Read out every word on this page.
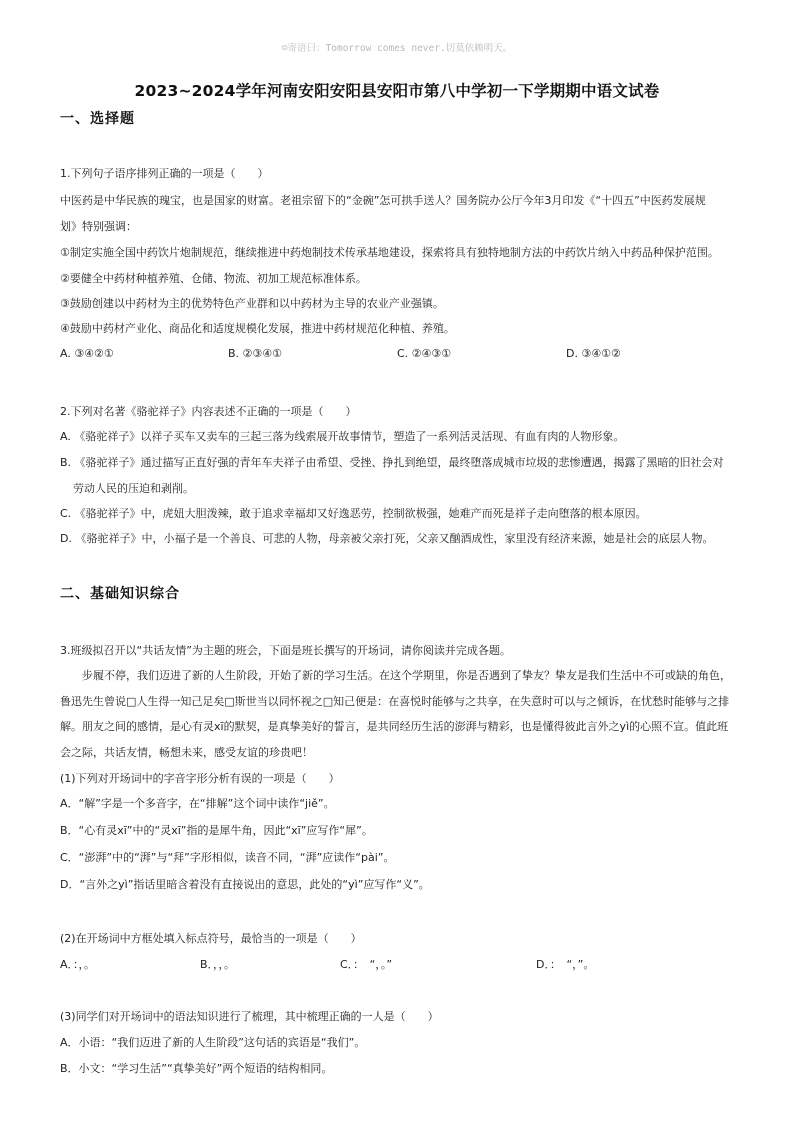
☺寄语曰：Tomorrow comes never.切莫依赖明天。
2023~2024学年河南安阳安阳县安阳市第八中学初一下学期期中语文试卷
一、选择题
1.下列句子语序排列正确的一项是（　　）
中医药是中华民族的瑰宝，也是国家的财富。老祖宗留下的“金碗”怎可拱手送人？国务院办公厅今年3月印发《“十四五”中医药发展规
划》特别强调：
①制定实施全国中药饮片炮制规范，继续推进中药炮制技术传承基地建设，探索将具有独特地制方法的中药饮片纳入中药品种保护范围。
②要健全中药材种植养殖、仓储、物流、初加工规范标准体系。
③鼓励创建以中药材为主的优势特色产业群和以中药材为主导的农业产业强镇。
④鼓励中药材产业化、商品化和适度规模化发展，推进中药材规范化种植、养殖。
A. ③④②①	B. ②③④①	C. ②④③①	D. ③④①②
2.下列对名著《骆驼祥子》内容表述不正确的一项是（　　）
A. 《骆驼祥子》以祥子买车又卖车的三起三落为线索展开故事情节，塑造了一系列活灵活现、有血有肉的人物形象。
B. 《骆驼祥子》通过描写正直好强的青年车夫祥子由希望、受挫、挣扎到绝望，最终堕落成城市垃圾的悲惨遭遇，揭露了黑暗的旧社会对
劳动人民的压迫和剥削。
C. 《骆驼祥子》中，虎妞大胆泼辣，敢于追求幸福却又好逸恶劳，控制欲极强，她难产而死是祥子走向堕落的根本原因。
D. 《骆驼祥子》中，小福子是一个善良、可悲的人物，母亲被父亲打死，父亲又酗酒成性，家里没有经济来源，她是社会的底层人物。
二、基础知识综合
3.班级拟召开以“共话友情”为主题的班会，下面是班长撰写的开场词，请你阅读并完成各题。
　　步履不停，我们迈进了新的人生阶段，开始了新的学习生活。在这个学期里，你是否遇到了挚友？挚友是我们生活中不可或缺的角色，
鲁迅先生曾说□人生得一知己足矣□斯世当以同怀视之□知己便是：在喜悦时能够与之共享，在失意时可以与之倾诉，在忧愁时能够与之排
解。朋友之间的感情，是心有灵xī的默契，是真挚美好的誓言，是共同经历生活的澎湃与精彩，也是懂得彼此言外之yì的心照不宣。值此班
会之际，共话友情，畅想未来，感受友谊的珍贵吧！
(1)下列对开场词中的字音字形分析有误的一项是（　　）
A．“解”字是一个多音字，在“排解”这个词中读作“jiě”。
B．“心有灵xī”中的“灵xī”指的是犀牛角，因此“xī”应写作“犀”。
C．“澎湃”中的“湃”与“拜”字形相似，读音不同，“湃”应读作“pài”。
D．“言外之yì”指话里暗含着没有直接说出的意思，此处的“yì”应写作“义”。
(2)在开场词中方框处填入标点符号，最恰当的一项是（　　）
A．：，。	B．，，。	C．：　“，。”	D．：　“，”。
(3)同学们对开场词中的语法知识进行了梳理，其中梳理正确的一人是（　　）
A．小语：“我们迈进了新的人生阶段”这句话的宾语是“我们”。
B．小文：“学习生活”“真挚美好”两个短语的结构相同。
